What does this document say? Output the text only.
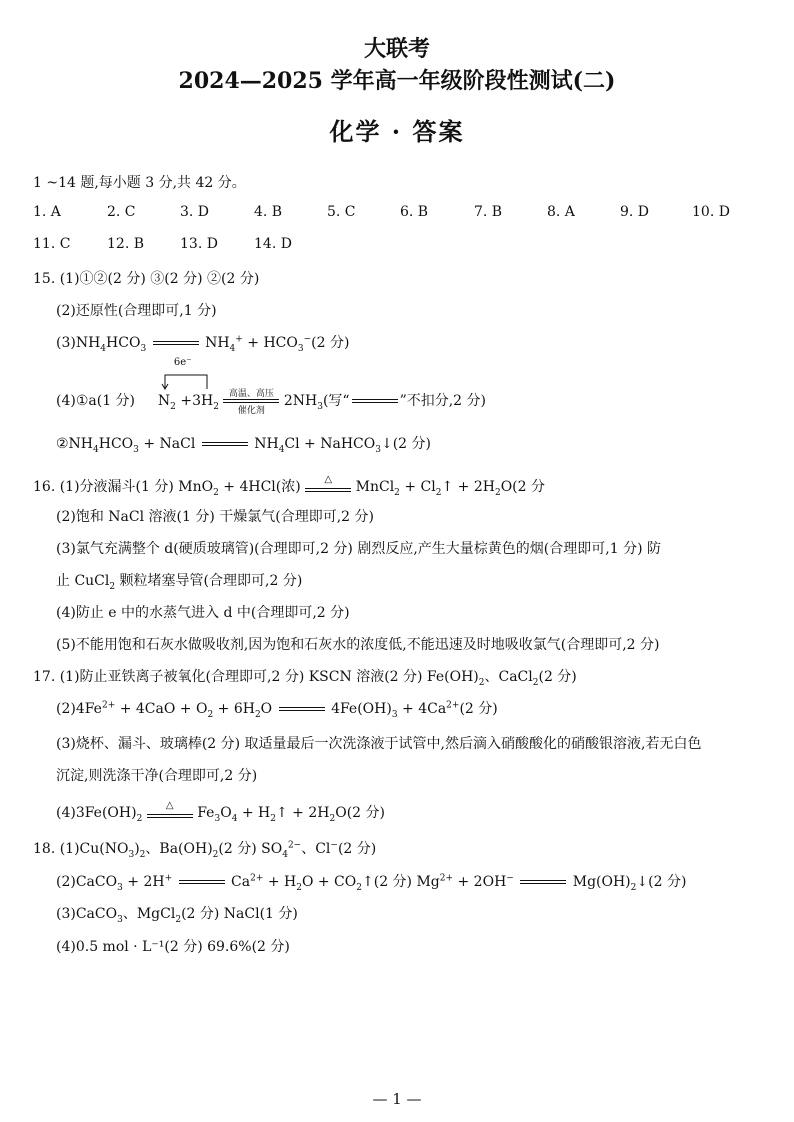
大联考
2024—2025 学年高一年级阶段性测试(二)
化学 · 答案
1 ~14 题,每小题 3 分,共 42 分。
1. A	2. C	3. D	4. B	5. C	6. B	7. B	8. A	9. D	10. D
11. C	12. B	13. D	14. D
15. (1)①②(2 分) ③(2 分) ②(2 分)
(2)还原性(合理即可,1 分)
$(3)NH_4HCO_3$	$NH_4^+ + HCO_3^-(2$ 分)
(4)①a(1 分)
6e⁻
$N_2 +3H_2$
高温、高压
催化剂
$2NH_3$(写“	”不扣分,2 分)
$②NH_4HCO_3$ + NaCl	$NH_4Cl$ + NaHCO$_3$↓(2 分)
16. (1)分液漏斗(1 分) MnO$_2$ + 4HCl(浓)	△	MnCl$_2$ + $Cl_2↑ + 2H_2O(2$ 分
(2)饱和 NaCl 溶液(1 分) 干燥氯气(合理即可,2 分)
(3)氯气充满整个 d(硬质玻璃管)(合理即可,2 分) 剧烈反应,产生大量棕黄色的烟(合理即可,1 分) 防
止 CuCl$_2$ 颗粒堵塞导管(合理即可,2 分)
(4)防止 e 中的水蒸气进入 d 中(合理即可,2 分)
(5)不能用饱和石灰水做吸收剂,因为饱和石灰水的浓度低,不能迅速及时地吸收氯气(合理即可,2 分)
17. (1)防止亚铁离子被氧化(合理即可,2 分) KSCN 溶液(2 分) $Fe(OH)_2$、CaCl$_2$(2 分)
$(2)4Fe^{2+} + 4CaO + O_2 + 6H_2O$	$4Fe(OH)_3 + 4Ca^{2+}(2$ 分)
(3)烧杯、漏斗、玻璃棒(2 分) 取适量最后一次洗涤液于试管中,然后滴入硝酸酸化的硝酸银溶液,若无白色
沉淀,则洗涤干净(合理即可,2 分)
$(4)3Fe(OH)_2$
△	$Fe_3O_4$ + $H_2↑ + 2H_2O(2$ 分)
18. $(1)Cu(NO_3)_2$、$Ba(OH)_2(2$ 分) $SO_4^{2-}$、Cl−(2 分)
(2)CaCO$_3$ + 2H+	$Ca^{2+} + H_2O$ + $CO_2↑(2$ 分) $Mg^{2+} + 2OH^-$	$Mg(OH)_2↓(2$ 分)
(3)CaCO$_3$、MgCl$_2$(2 分) NaCl(1 分)
(4)0.5 mol · L⁻¹(2 分) 69.6%(2 分)
— 1 —
